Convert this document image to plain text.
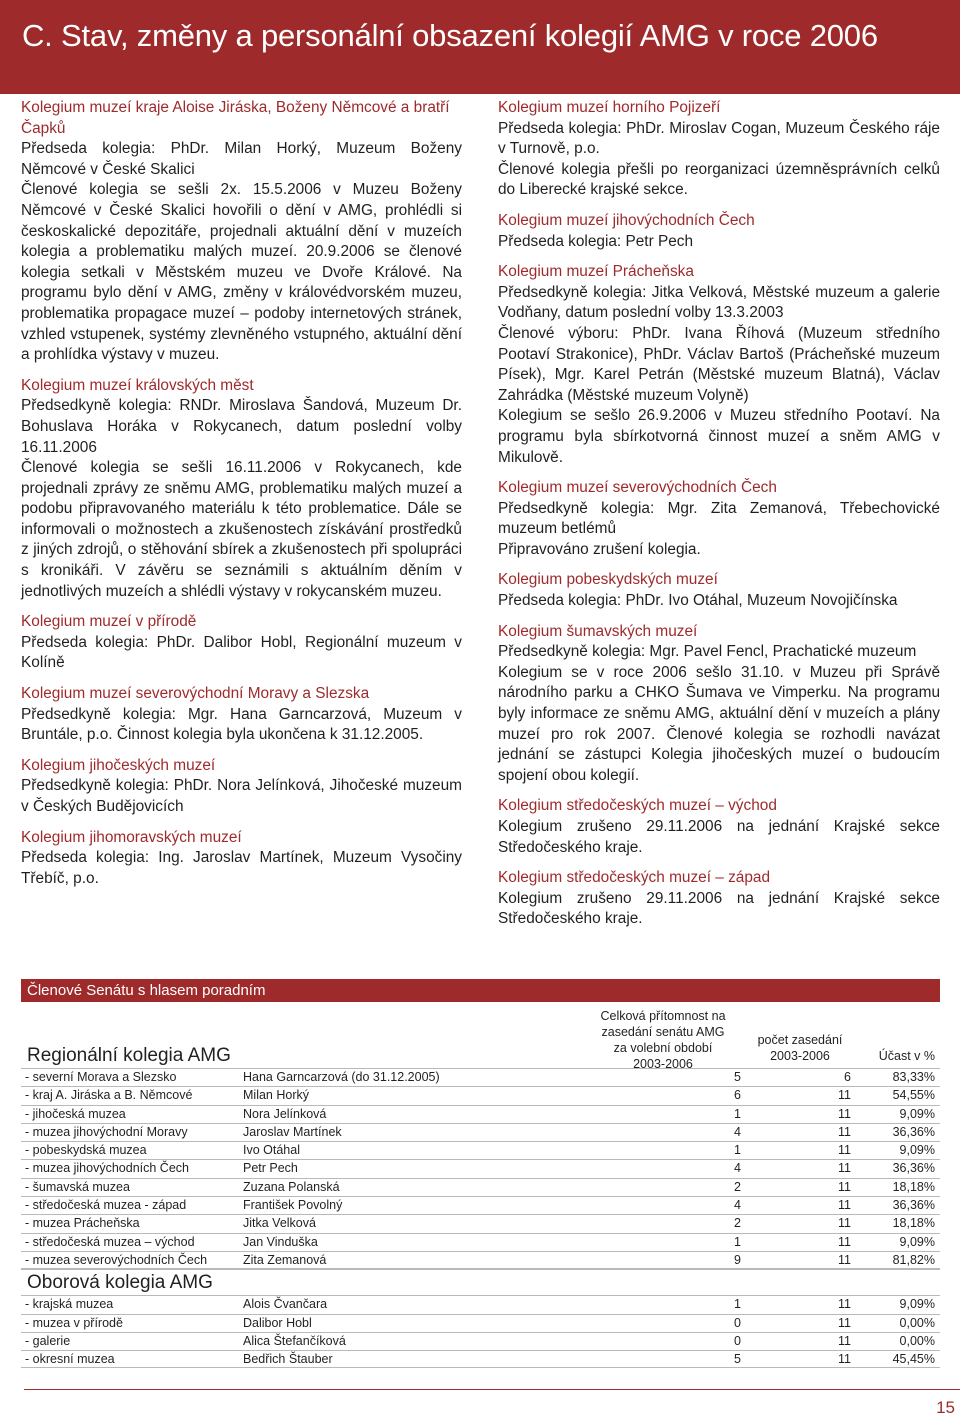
C. Stav, změny a personální obsazení kolegií AMG v roce 2006
Kolegium muzeí kraje Aloise Jiráska, Boženy Němcové a bratří Čapků
Předseda kolegia: PhDr. Milan Horký, Muzeum Boženy Němcové v České Skalici
Členové kolegia se sešli 2x. 15.5.2006 v Muzeu Boženy Němcové v České Skalici hovořili o dění v AMG, prohlédli si českoskalické depozitáře, projednali aktuální dění v muzeích kolegia a problematiku malých muzeí. 20.9.2006 se členové kolegia setkali v Městském muzeu ve Dvoře Králové. Na programu bylo dění v AMG, změny v královédvorském muzeu, problematika propagace muzeí – podoby internetových stránek, vzhled vstupenek, systémy zlevněného vstupného, aktuální dění a prohlídka výstavy v muzeu.
Kolegium muzeí královských měst
Předsedkyně kolegia: RNDr. Miroslava Šandová, Muzeum Dr. Bohuslava Horáka v Rokycanech, datum poslední volby 16.11.2006
Členové kolegia se sešli 16.11.2006 v Rokycanech, kde projednali zprávy ze sněmu AMG, problematiku malých muzeí a podobu připravovaného materiálu k této problematice. Dále se informovali o možnostech a zkušenostech získávání prostředků z jiných zdrojů, o stěhování sbírek a zkušenostech při spolupráci s kronikáři. V závěru se seznámili s aktuálním děním v jednotlivých muzeích a shlédli výstavy v rokycanském muzeu.
Kolegium muzeí v přírodě
Předseda kolegia: PhDr. Dalibor Hobl, Regionální muzeum v Kolíně
Kolegium muzeí severovýchodní Moravy a Slezska
Předsedkyně kolegia: Mgr. Hana Garncarzová, Muzeum v Bruntále, p.o. Činnost kolegia byla ukončena k 31.12.2005.
Kolegium jihočeských muzeí
Předsedkyně kolegia: PhDr. Nora Jelínková, Jihočeské muzeum v Českých Budějovicích
Kolegium jihomoravských muzeí
Předseda kolegia: Ing. Jaroslav Martínek, Muzeum Vysočiny Třebíč, p.o.
Kolegium muzeí horního Pojizeří
Předseda kolegia: PhDr. Miroslav Cogan, Muzeum Českého ráje v Turnově, p.o.
Členové kolegia přešli po reorganizaci územněsprávních celků do Liberecké krajské sekce.
Kolegium muzeí jihovýchodních Čech
Předseda kolegia: Petr Pech
Kolegium muzeí Prácheňska
Předsedkyně kolegia: Jitka Velková, Městské muzeum a galerie Vodňany, datum poslední volby 13.3.2003
Členové výboru: PhDr. Ivana Říhová (Muzeum středního Pootaví Strakonice), PhDr. Václav Bartoš (Prácheňské muzeum Písek), Mgr. Karel Petrán (Městské muzeum Blatná), Václav Zahrádka (Městské muzeum Volyně)
Kolegium se sešlo 26.9.2006 v Muzeu středního Pootaví. Na programu byla sbírkotvorná činnost muzeí a sněm AMG v Mikulově.
Kolegium muzeí severovýchodních Čech
Předsedkyně kolegia: Mgr. Zita Zemanová, Třebechovické muzeum betlémů
Připravováno zrušení kolegia.
Kolegium pobeskydských muzeí
Předseda kolegia: PhDr. Ivo Otáhal, Muzeum Novojičínska
Kolegium šumavských muzeí
Předsedkyně kolegia: Mgr. Pavel Fencl, Prachatické muzeum
Kolegium se v roce 2006 sešlo 31.10. v Muzeu při Správě národního parku a CHKO Šumava ve Vimperku. Na programu byly informace ze sněmu AMG, aktuální dění v muzeích a plány muzeí pro rok 2007. Členové kolegia se rozhodli navázat jednání se zástupci Kolegia jihočeských muzeí o budoucím spojení obou kolegií.
Kolegium středočeských muzeí – východ
Kolegium zrušeno 29.11.2006 na jednání Krajské sekce Středočeského kraje.
Kolegium středočeských muzeí – západ
Kolegium zrušeno 29.11.2006 na jednání Krajské sekce Středočeského kraje.
Členové Senátu s hlasem poradním
Regionální kolegia AMG
Celková přítomnost na zasedání senátu AMG za volební období 2003-2006
počet zasedání 2003-2006	Účast v %
- severní Morava a Slezsko	Hana Garncarzová (do 31.12.2005)	5	6	83,33%
- kraj A. Jiráska a B. Němcové	Milan Horký	6	11	54,55%
- jihočeská muzea	Nora Jelínková	1	11	9,09%
- muzea jihovýchodní Moravy	Jaroslav Martínek	4	11	36,36%
- pobeskydská muzea	Ivo Otáhal	1	11	9,09%
- muzea jihovýchodních Čech	Petr Pech	4	11	36,36%
- šumavská muzea	Zuzana Polanská	2	11	18,18%
- středočeská muzea - západ	František Povolný	4	11	36,36%
- muzea Prácheňska	Jitka Velková	2	11	18,18%
- středočeská muzea – východ	Jan Vinduška	1	11	9,09%
- muzea severovýchodních Čech	Zita Zemanová	9	11	81,82%
Oborová kolegia AMG
- krajská muzea	Alois Čvančara	1	11	9,09%
- muzea v přírodě	Dalibor Hobl	0	11	0,00%
- galerie	Alica Štefančíková	0	11	0,00%
- okresní muzea	Bedřich Štauber	5	11	45,45%
15
